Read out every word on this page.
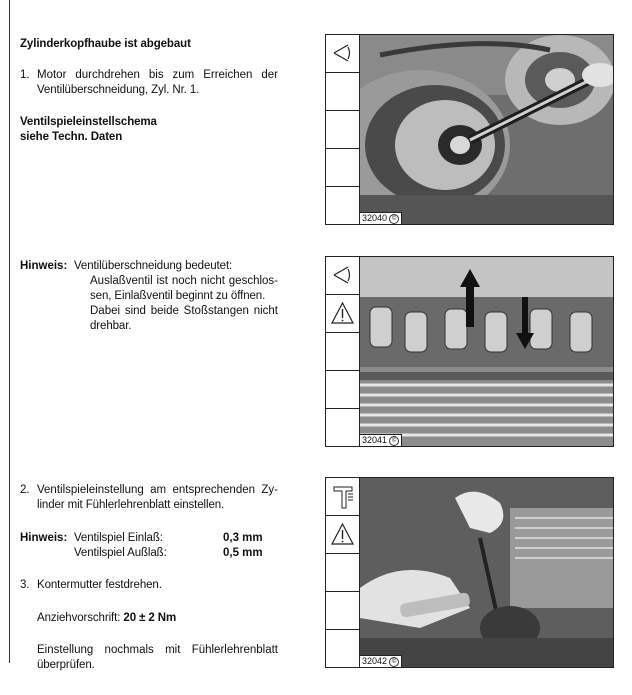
Zylinderkopfhaube ist abgebaut
1. Motor durchdrehen bis zum Erreichen der
Ventilüberschneidung, Zyl. Nr. 1.
Ventilspieleinstellschema
siehe Techn. Daten
Hinweis: Ventilüberschneidung bedeutet:
Auslaßventil ist noch nicht geschlos-
sen, Einlaßventil beginnt zu öffnen.
Dabei sind beide Stoßstangen nicht
drehbar.
2. Ventilspieleinstellung am entsprechenden Zy-
linder mit Fühlerlehrenblatt einstellen.
Hinweis: Ventilspiel Einlaß:	0,3 mm
Ventilspiel Außlaß:	0,5 mm
3. Kontermutter festdrehen.
Anziehvorschrift: 20 ± 2 Nm
Einstellung nochmals mit Fühlerlehrenblatt
überprüfen.
32040 ©
32041 ©
32042 ©
